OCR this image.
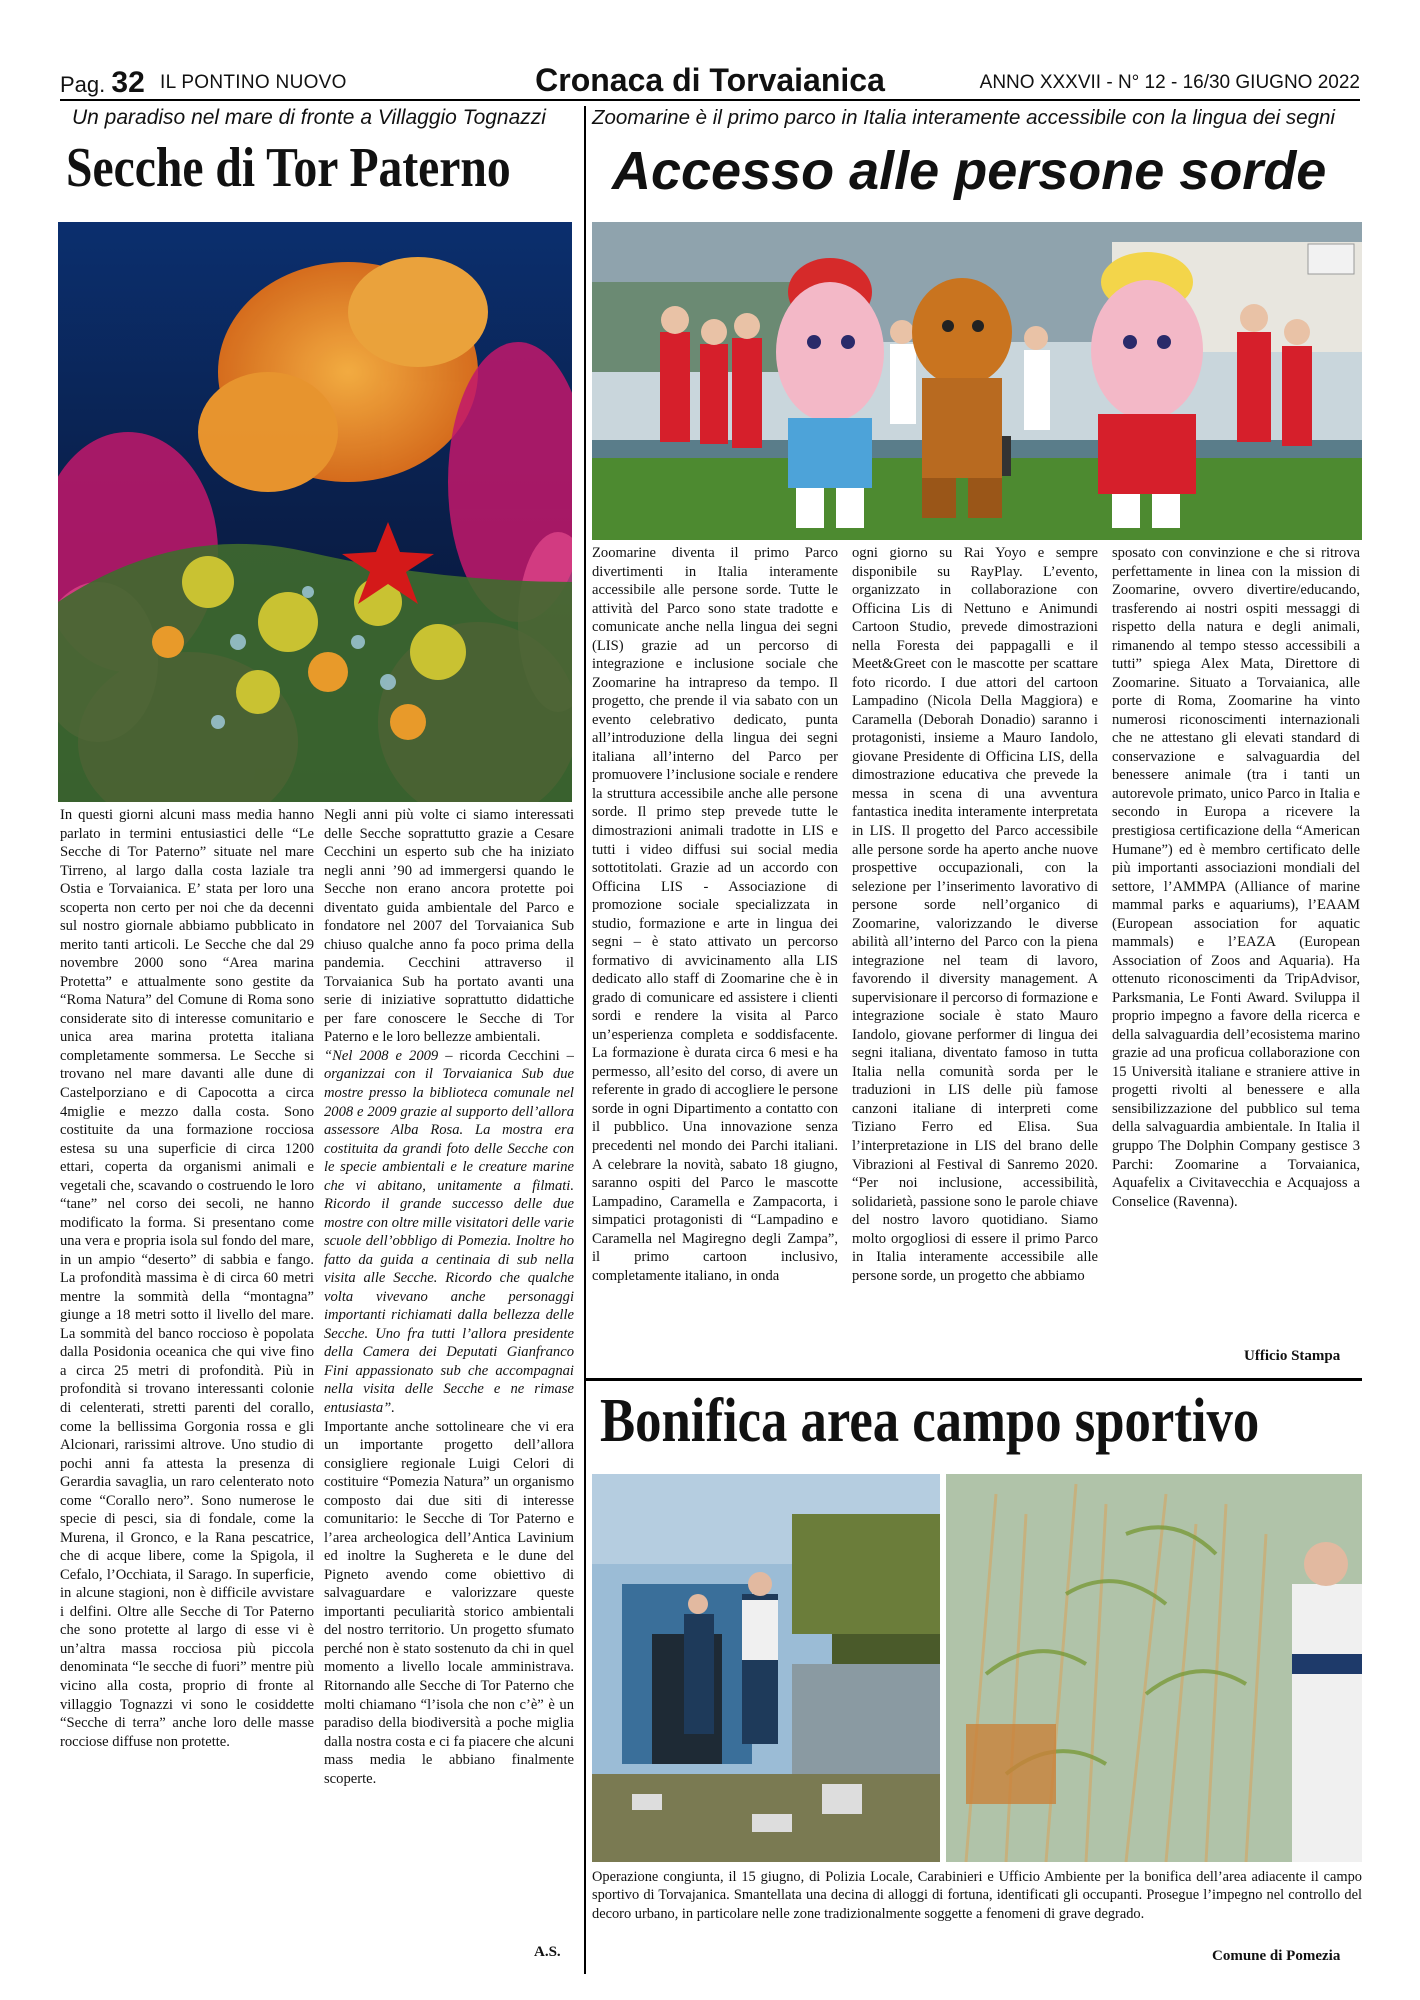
Pag. 32 IL PONTINO NUOVO	Cronaca di Torvaianica	ANNO XXXVII - N° 12 - 16/30 GIUGNO 2022
Un paradiso nel mare di fronte a Villaggio Tognazzi
Secche di Tor Paterno

In questi giorni alcuni mass media hanno parlato in termini entusiastici delle “Le Secche di Tor Paterno” situate nel mare Tirreno, al largo dalla costa laziale tra Ostia e Torvaianica. E’ stata per loro una scoperta non certo per noi che da decenni sul nostro giornale abbiamo pubblicato in merito tanti articoli. Le Secche che dal 29 novembre 2000 sono “Area marina Protetta” e attualmente sono gestite da “Roma Natura” del Comune di Roma sono considerate sito di interesse comunitario e unica area marina protetta italiana completamente sommersa. Le Secche si trovano nel mare davanti alle dune di Castelporziano e di Capocotta a circa 4miglie e mezzo dalla costa. Sono costituite da una formazione rocciosa estesa su una superficie di circa 1200 ettari, coperta da organismi animali e vegetali che, scavando o costruendo le loro “tane” nel corso dei secoli, ne hanno modificato la forma. Si presentano come una vera e propria isola sul fondo del mare, in un ampio “deserto” di sabbia e fango. La profondità massima è di circa 60 metri mentre la sommità della “montagna” giunge a 18 metri sotto il livello del mare. La sommità del banco roccioso è popolata dalla Posidonia oceanica che qui vive fino a circa 25 metri di profondità. Più in profondità si trovano interessanti colonie di celenterati, stretti parenti del corallo, come la bellissima Gorgonia rossa e gli Alcionari, rarissimi altrove. Uno studio di pochi anni fa attesta la presenza di Gerardia savaglia, un raro celenterato noto come “Corallo nero”. Sono numerose le specie di pesci, sia di fondale, come la Murena, il Gronco, e la Rana pescatrice, che di acque libere, come la Spigola, il Cefalo, l’Occhiata, il Sarago. In superficie, in alcune stagioni, non è difficile avvistare i delfini. Oltre alle Secche di Tor Paterno che sono protette al largo di esse vi è un’altra massa rocciosa più piccola denominata “le secche di fuori” mentre più vicino alla costa, proprio di fronte al villaggio Tognazzi vi sono le cosiddette “Secche di terra” anche loro delle masse rocciose diffuse non protette.

Negli anni più volte ci siamo interessati delle Secche soprattutto grazie a Cesare Cecchini un esperto sub che ha iniziato negli anni ’90 ad immergersi quando le Secche non erano ancora protette poi diventato guida ambientale del Parco e fondatore nel 2007 del Torvaianica Sub chiuso qualche anno fa poco prima della pandemia. Cecchini attraverso il Torvaianica Sub ha portato avanti una serie di iniziative soprattutto didattiche per fare conoscere le Secche di Tor Paterno e le loro bellezze ambientali.

“Nel 2008 e 2009 – ricorda Cecchini – organizzai con il Torvaianica Sub due mostre presso la biblioteca comunale nel 2008 e 2009 grazie al supporto dell’allora assessore Alba Rosa. La mostra era costituita da grandi foto delle Secche con le specie ambientali e le creature marine che vi abitano, unitamente a filmati. Ricordo il grande successo delle due mostre con oltre mille visitatori delle varie scuole dell’obbligo di Pomezia. Inoltre ho fatto da guida a centinaia di sub nella visita alle Secche. Ricordo che qualche volta vivevano anche personaggi importanti richiamati dalla bellezza delle Secche. Uno fra tutti l’allora presidente della Camera dei Deputati Gianfranco Fini appassionato sub che accompagnai nella visita delle Secche e ne rimase entusiasta”.

Importante anche sottolineare che vi era un importante progetto dell’allora consigliere regionale Luigi Celori di costituire “Pomezia Natura” un organismo composto dai due siti di interesse comunitario: le Secche di Tor Paterno e l’area archeologica dell’Antica Lavinium ed inoltre la Sughereta e le dune del Pigneto avendo come obiettivo di salvaguardare e valorizzare queste importanti peculiarità storico ambientali del nostro territorio. Un progetto sfumato perché non è stato sostenuto da chi in quel momento a livello locale amministrava. Ritornando alle Secche di Tor Paterno che molti chiamano “l’isola che non c’è” è un paradiso della biodiversità a poche miglia dalla nostra costa e ci fa piacere che alcuni mass media le abbiano finalmente scoperte.

A.S.
Zoomarine è il primo parco in Italia interamente accessibile con la lingua dei segni
Accesso alle persone sorde

Zoomarine diventa il primo Parco divertimenti in Italia interamente accessibile alle persone sorde. Tutte le attività del Parco sono state tradotte e comunicate anche nella lingua dei segni (LIS) grazie ad un percorso di integrazione e inclusione sociale che Zoomarine ha intrapreso da tempo. Il progetto, che prende il via sabato con un evento celebrativo dedicato, punta all’introduzione della lingua dei segni italiana all’interno del Parco per promuovere l’inclusione sociale e rendere la struttura accessibile anche alle persone sorde. Il primo step prevede tutte le dimostrazioni animali tradotte in LIS e tutti i video diffusi sui social media sottotitolati. Grazie ad un accordo con Officina LIS - Associazione di promozione sociale specializzata in studio, formazione e arte in lingua dei segni – è stato attivato un percorso formativo di avvicinamento alla LIS dedicato allo staff di Zoomarine che è in grado di comunicare ed assistere i clienti sordi e rendere la visita al Parco un’esperienza completa e soddisfacente. La formazione è durata circa 6 mesi e ha permesso, all’esito del corso, di avere un referente in grado di accogliere le persone sorde in ogni Dipartimento a contatto con il pubblico. Una innovazione senza precedenti nel mondo dei Parchi italiani. A celebrare la novità, sabato 18 giugno, saranno ospiti del Parco le mascotte Lampadino, Caramella e Zampacorta, i simpatici protagonisti di “Lampadino e Caramella nel Magiregno degli Zampa”, il primo cartoon inclusivo, completamente italiano, in onda

ogni giorno su Rai Yoyo e sempre disponibile su RayPlay. L’evento, organizzato in collaborazione con Officina Lis di Nettuno e Animundi Cartoon Studio, prevede dimostrazioni nella Foresta dei pappagalli e il Meet&Greet con le mascotte per scattare foto ricordo. I due attori del cartoon Lampadino (Nicola Della Maggiora) e Caramella (Deborah Donadio) saranno i protagonisti, insieme a Mauro Iandolo, giovane Presidente di Officina LIS, della dimostrazione educativa che prevede la messa in scena di una avventura fantastica inedita interamente interpretata in LIS. Il progetto del Parco accessibile alle persone sorde ha aperto anche nuove prospettive occupazionali, con la selezione per l’inserimento lavorativo di persone sorde nell’organico di Zoomarine, valorizzando le diverse abilità all’interno del Parco con la piena integrazione nel team di lavoro, favorendo il diversity management. A supervisionare il percorso di formazione e integrazione sociale è stato Mauro Iandolo, giovane performer di lingua dei segni italiana, diventato famoso in tutta Italia nella comunità sorda per le traduzioni in LIS delle più famose canzoni italiane di interpreti come Tiziano Ferro ed Elisa. Sua l’interpretazione in LIS del brano delle Vibrazioni al Festival di Sanremo 2020. “Per noi inclusione, accessibilità, solidarietà, passione sono le parole chiave del nostro lavoro quotidiano. Siamo molto orgogliosi di essere il primo Parco in Italia interamente accessibile alle persone sorde, un progetto che abbiamo

sposato con convinzione e che si ritrova perfettamente in linea con la mission di Zoomarine, ovvero divertire/educando, trasferendo ai nostri ospiti messaggi di rispetto della natura e degli animali, rimanendo al tempo stesso accessibili a tutti” spiega Alex Mata, Direttore di Zoomarine. Situato a Torvaianica, alle porte di Roma, Zoomarine ha vinto numerosi riconoscimenti internazionali che ne attestano gli elevati standard di conservazione e salvaguardia del benessere animale (tra i tanti un autorevole primato, unico Parco in Italia e secondo in Europa a ricevere la prestigiosa certificazione della “American Humane”) ed è membro certificato delle più importanti associazioni mondiali del settore, l’AMMPA (Alliance of marine mammal parks e aquariums), l’EAAM (European association for aquatic mammals) e l’EAZA (European Association of Zoos and Aquaria). Ha ottenuto riconoscimenti da TripAdvisor, Parksmania, Le Fonti Award. Sviluppa il proprio impegno a favore della ricerca e della salvaguardia dell’ecosistema marino grazie ad una proficua collaborazione con 15 Università italiane e straniere attive in progetti rivolti al benessere e alla sensibilizzazione del pubblico sul tema della salvaguardia ambientale. In Italia il gruppo The Dolphin Company gestisce 3 Parchi: Zoomarine a Torvaianica, Aquafelix a Civitavecchia e Acquajoss a Conselice (Ravenna).

Ufficio Stampa
Bonifica area campo sportivo
Operazione congiunta, il 15 giugno, di Polizia Locale, Carabinieri e Ufficio Ambiente per la bonifica dell’area adiacente il campo sportivo di Torvajanica. Smantellata una decina di alloggi di fortuna, identificati gli occupanti. Prosegue l’impegno nel controllo del decoro urbano, in particolare nelle zone tradizionalmente soggette a fenomeni di grave degrado.
Comune di Pomezia
